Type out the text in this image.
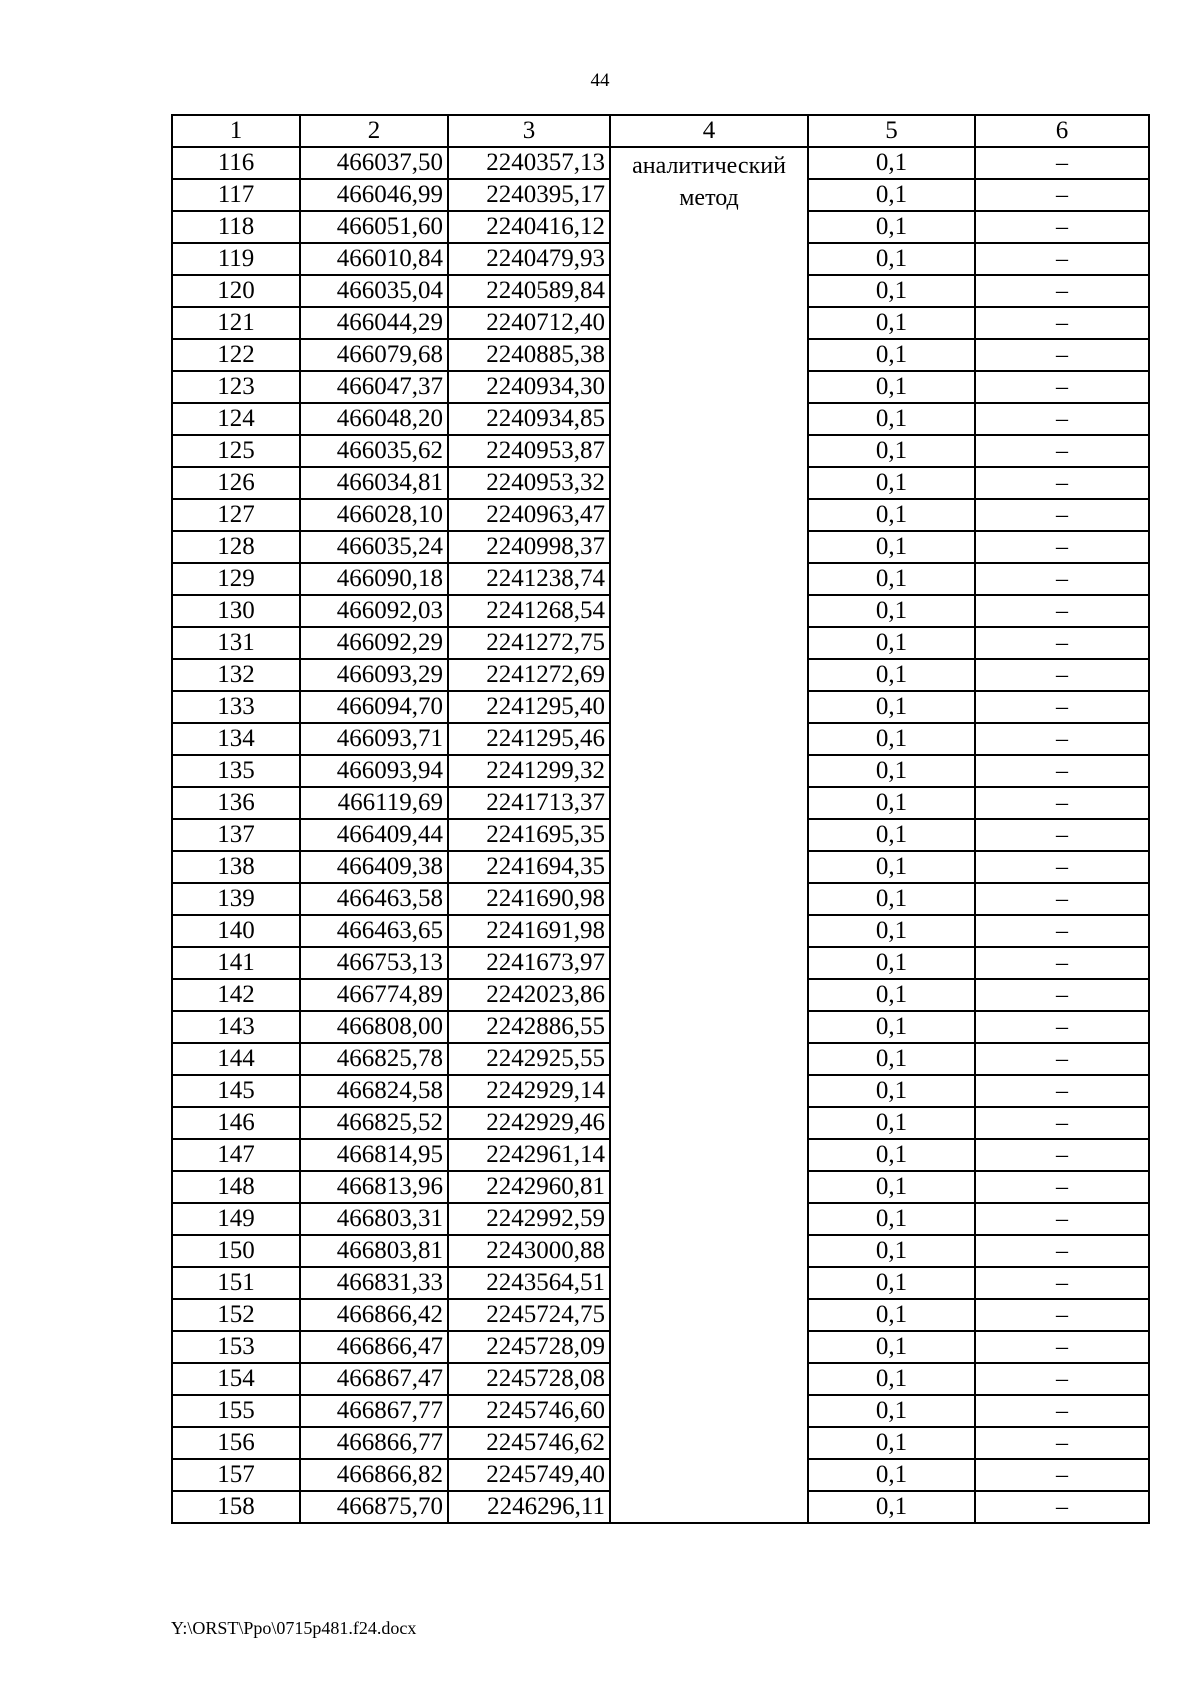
44
1	2	3	4	5	6
116	466037,50	2240357,13	аналитический метод	0,1	–
117	466046,99	2240395,17		0,1	–
118	466051,60	2240416,12		0,1	–
119	466010,84	2240479,93		0,1	–
120	466035,04	2240589,84		0,1	–
121	466044,29	2240712,40		0,1	–
122	466079,68	2240885,38		0,1	–
123	466047,37	2240934,30		0,1	–
124	466048,20	2240934,85		0,1	–
125	466035,62	2240953,87		0,1	–
126	466034,81	2240953,32		0,1	–
127	466028,10	2240963,47		0,1	–
128	466035,24	2240998,37		0,1	–
129	466090,18	2241238,74		0,1	–
130	466092,03	2241268,54		0,1	–
131	466092,29	2241272,75		0,1	–
132	466093,29	2241272,69		0,1	–
133	466094,70	2241295,40		0,1	–
134	466093,71	2241295,46		0,1	–
135	466093,94	2241299,32		0,1	–
136	466119,69	2241713,37		0,1	–
137	466409,44	2241695,35		0,1	–
138	466409,38	2241694,35		0,1	–
139	466463,58	2241690,98		0,1	–
140	466463,65	2241691,98		0,1	–
141	466753,13	2241673,97		0,1	–
142	466774,89	2242023,86		0,1	–
143	466808,00	2242886,55		0,1	–
144	466825,78	2242925,55		0,1	–
145	466824,58	2242929,14		0,1	–
146	466825,52	2242929,46		0,1	–
147	466814,95	2242961,14		0,1	–
148	466813,96	2242960,81		0,1	–
149	466803,31	2242992,59		0,1	–
150	466803,81	2243000,88		0,1	–
151	466831,33	2243564,51		0,1	–
152	466866,42	2245724,75		0,1	–
153	466866,47	2245728,09		0,1	–
154	466867,47	2245728,08		0,1	–
155	466867,77	2245746,60		0,1	–
156	466866,77	2245746,62		0,1	–
157	466866,82	2245749,40		0,1	–
158	466875,70	2246296,11		0,1	–
Y:\ORST\Ppo\0715p481.f24.docx
